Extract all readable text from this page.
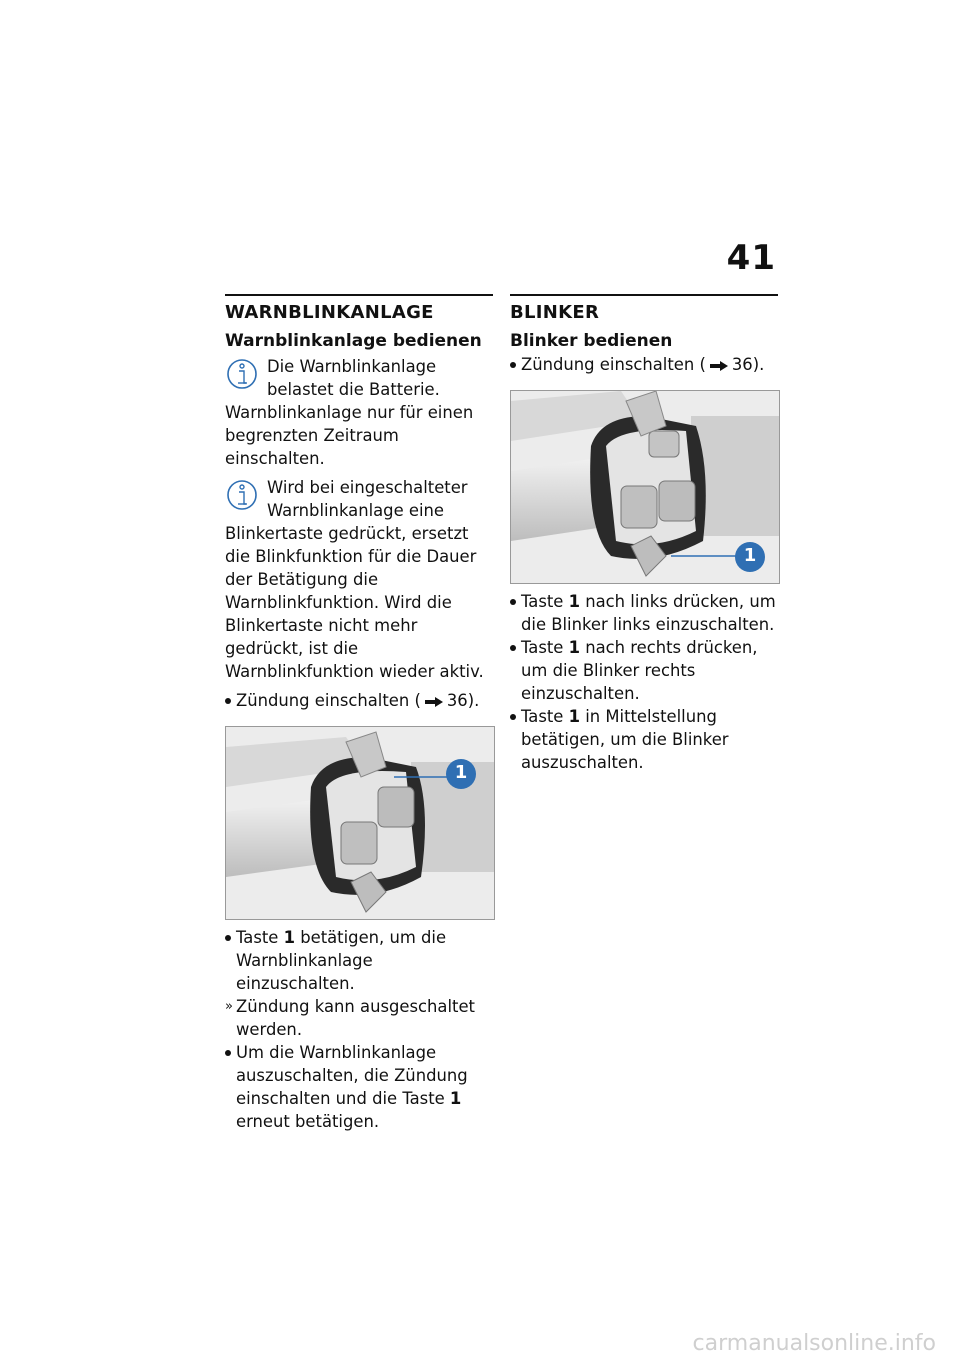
41
WARNBLINKANLAGE
Warnblinkanlage bedienen

Die Warnblinkanlage belastet die Batterie. Warnblinkanlage nur für einen begrenzten Zeitraum einschalten.

Wird bei eingeschalteter Warnblinkanlage eine Blinkertaste gedrückt, ersetzt die Blinkfunktion für die Dauer der Betätigung die Warnblinkfunktion. Wird die Blinkertaste nicht mehr gedrückt, ist die Warnblinkfunktion wieder aktiv.

Zündung einschalten ( 36).
1
Taste 1 betätigen, um die Warnblinkanlage einzuschalten.
» Zündung kann ausgeschaltet werden.
Um die Warnblinkanlage auszuschalten, die Zündung einschalten und die Taste 1 erneut betätigen.
BLINKER
Blinker bedienen
Zündung einschalten ( 36).
1
Taste 1 nach links drücken, um die Blinker links einzuschalten.
Taste 1 nach rechts drücken, um die Blinker rechts einzuschalten.
Taste 1 in Mittelstellung betätigen, um die Blinker auszuschalten.
carmanualsonline.info
